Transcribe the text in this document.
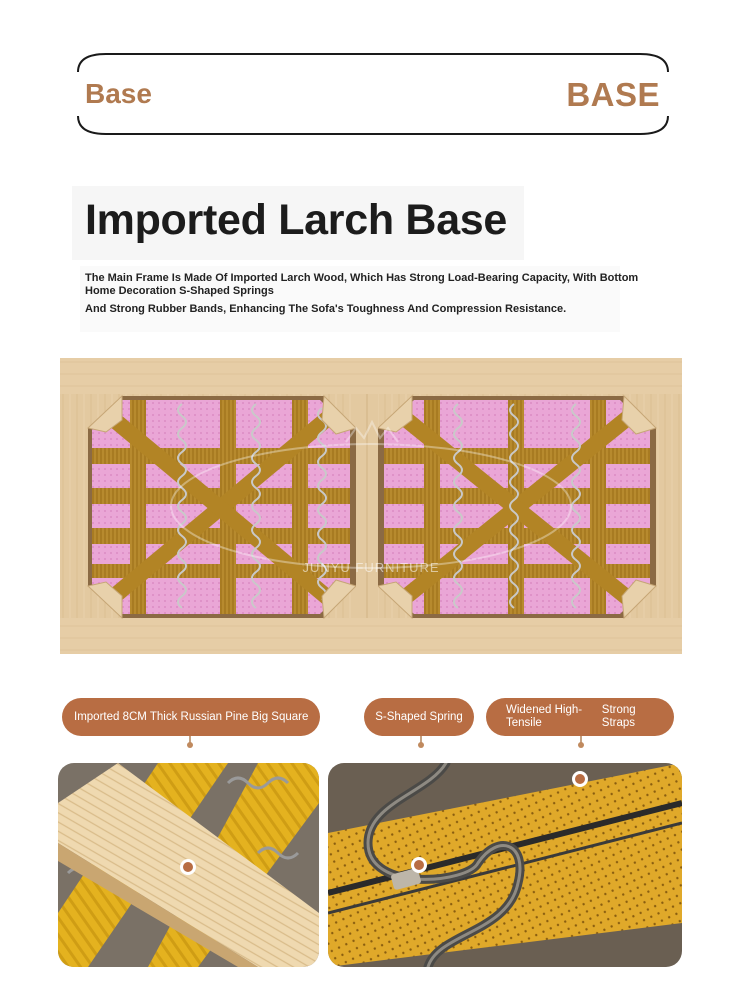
Base	BASE
Imported Larch Base
The Main Frame Is Made Of Imported Larch Wood, Which Has Strong Load-Bearing Capacity, With Bottom Home Decoration S-Shaped Springs
And Strong Rubber Bands, Enhancing The Sofa's Toughness And Compression Resistance.
JUNYU FURNITURE
Imported 8CM Thick Russian Pine Big Square	S-Shaped Spring
Widened High-Tensile
Strong Straps
